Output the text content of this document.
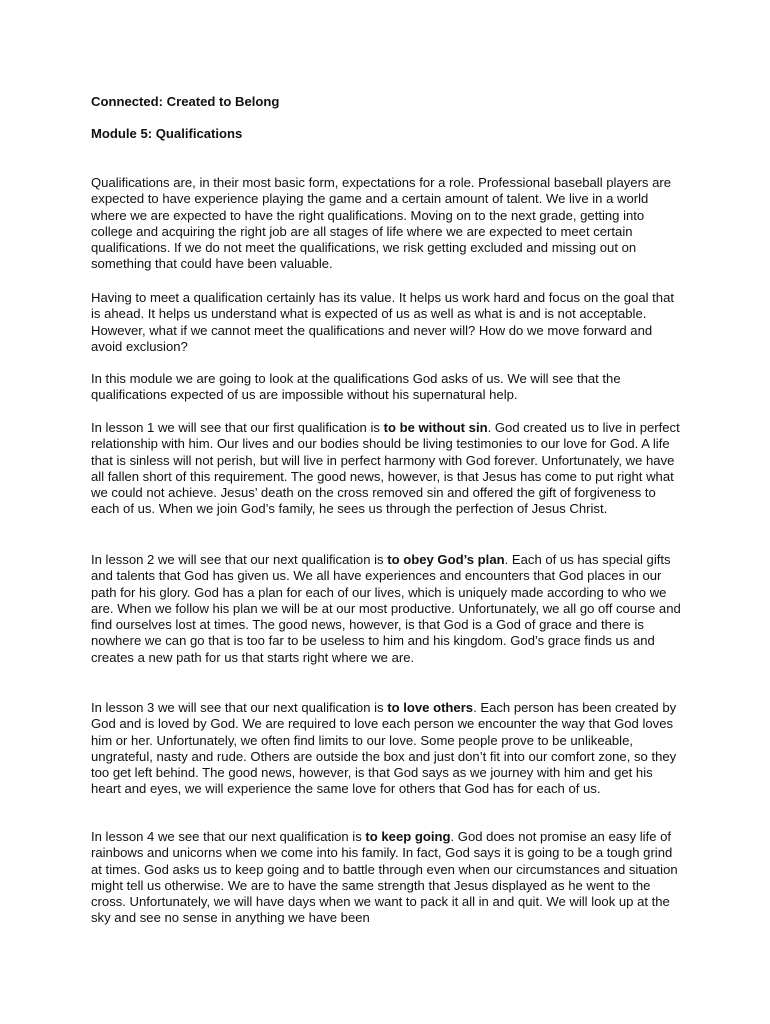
Connected: Created to Belong
Module 5: Qualifications

Qualifications are, in their most basic form, expectations for a role. Professional baseball players are expected to have experience playing the game and a certain amount of talent. We live in a world where we are expected to have the right qualifications. Moving on to the next grade, getting into college and acquiring the right job are all stages of life where we are expected to meet certain qualifications. If we do not meet the qualifications, we risk getting excluded and missing out on something that could have been valuable.

Having to meet a qualification certainly has its value. It helps us work hard and focus on the goal that is ahead. It helps us understand what is expected of us as well as what is and is not acceptable. However, what if we cannot meet the qualifications and never will? How do we move forward and avoid exclusion?

In this module we are going to look at the qualifications God asks of us. We will see that the qualifications expected of us are impossible without his supernatural help.

In lesson 1 we will see that our first qualification is to be without sin. God created us to live in perfect relationship with him. Our lives and our bodies should be living testimonies to our love for God. A life that is sinless will not perish, but will live in perfect harmony with God forever. Unfortunately, we have all fallen short of this requirement. The good news, however, is that Jesus has come to put right what we could not achieve. Jesus’ death on the cross removed sin and offered the gift of forgiveness to each of us. When we join God’s family, he sees us through the perfection of Jesus Christ.

In lesson 2 we will see that our next qualification is to obey God’s plan. Each of us has special gifts and talents that God has given us. We all have experiences and encounters that God places in our path for his glory. God has a plan for each of our lives, which is uniquely made according to who we are. When we follow his plan we will be at our most productive. Unfortunately, we all go off course and find ourselves lost at times. The good news, however, is that God is a God of grace and there is nowhere we can go that is too far to be useless to him and his kingdom. God’s grace finds us and creates a new path for us that starts right where we are.

In lesson 3 we will see that our next qualification is to love others. Each person has been created by God and is loved by God. We are required to love each person we encounter the way that God loves him or her. Unfortunately, we often find limits to our love. Some people prove to be unlikeable, ungrateful, nasty and rude. Others are outside the box and just don’t fit into our comfort zone, so they too get left behind. The good news, however, is that God says as we journey with him and get his heart and eyes, we will experience the same love for others that God has for each of us.

In lesson 4 we see that our next qualification is to keep going. God does not promise an easy life of rainbows and unicorns when we come into his family. In fact, God says it is going to be a tough grind at times. God asks us to keep going and to battle through even when our circumstances and situation might tell us otherwise. We are to have the same strength that Jesus displayed as he went to the cross. Unfortunately, we will have days when we want to pack it all in and quit. We will look up at the sky and see no sense in anything we have been
